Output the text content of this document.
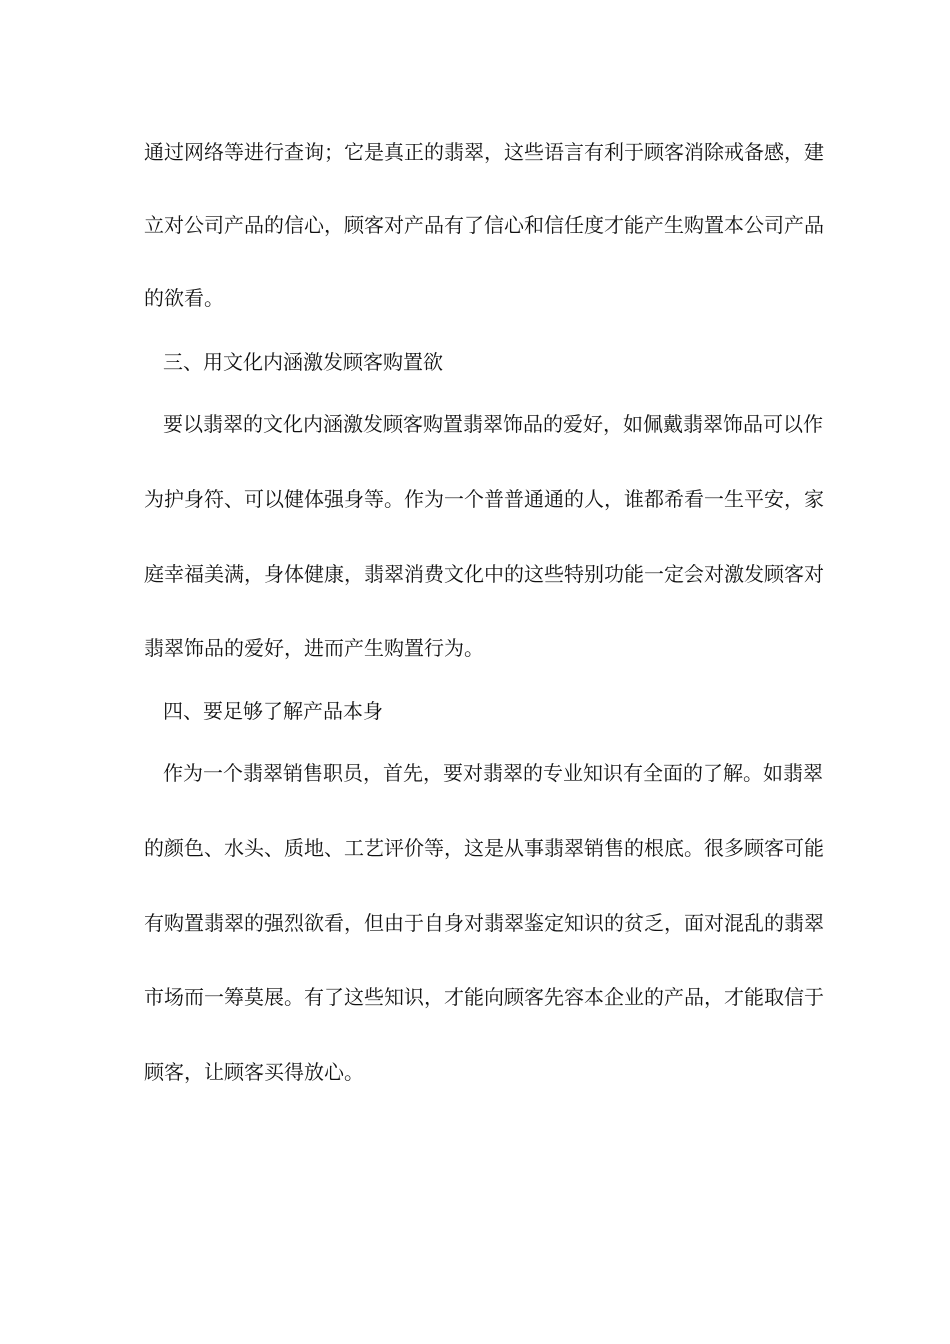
通过网络等进行查询；它是真正的翡翠，这些语言有利于顾客消除戒备感，建
立对公司产品的信心，顾客对产品有了信心和信任度才能产生购置本公司产品
的欲看。
三、用文化内涵激发顾客购置欲
要以翡翠的文化内涵激发顾客购置翡翠饰品的爱好，如佩戴翡翠饰品可以作
为护身符、可以健体强身等。作为一个普普通通的人，谁都希看一生平安，家
庭幸福美满，身体健康，翡翠消费文化中的这些特别功能一定会对激发顾客对
翡翠饰品的爱好，进而产生购置行为。
四、要足够了解产品本身
作为一个翡翠销售职员，首先，要对翡翠的专业知识有全面的了解。如翡翠
的颜色、水头、质地、工艺评价等，这是从事翡翠销售的根底。很多顾客可能
有购置翡翠的强烈欲看，但由于自身对翡翠鉴定知识的贫乏，面对混乱的翡翠
市场而一筹莫展。有了这些知识，才能向顾客先容本企业的产品，才能取信于
顾客，让顾客买得放心。
